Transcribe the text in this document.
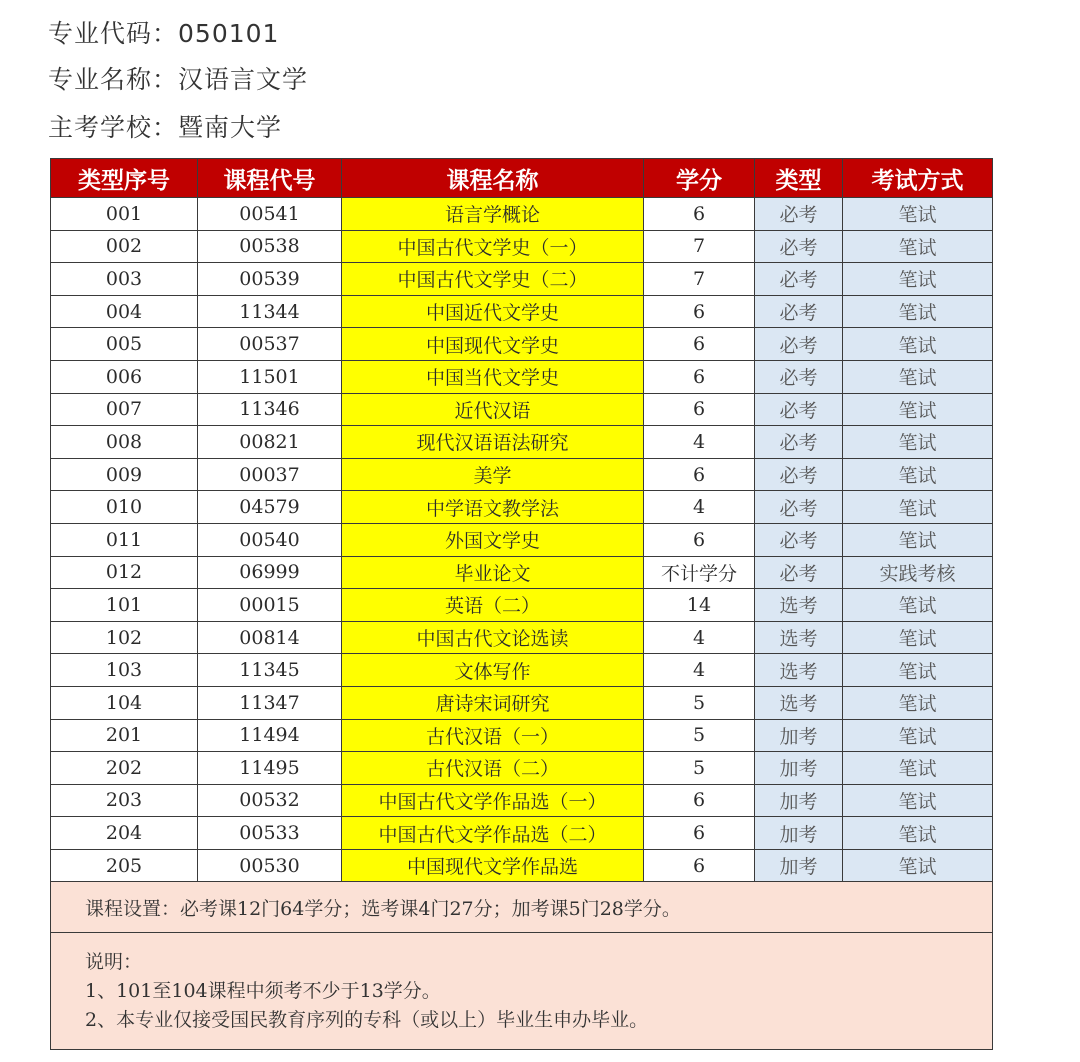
专业代码：050101
专业名称：汉语言文学
主考学校：暨南大学
类型序号	课程代号	课程名称	学分	类型	考试方式
001	00541	语言学概论	6	必考	笔试
002	00538	中国古代文学史（一）	7	必考	笔试
003	00539	中国古代文学史（二）	7	必考	笔试
004	11344	中国近代文学史	6	必考	笔试
005	00537	中国现代文学史	6	必考	笔试
006	11501	中国当代文学史	6	必考	笔试
007	11346	近代汉语	6	必考	笔试
008	00821	现代汉语语法研究	4	必考	笔试
009	00037	美学	6	必考	笔试
010	04579	中学语文教学法	4	必考	笔试
011	00540	外国文学史	6	必考	笔试
012	06999	毕业论文	不计学分	必考	实践考核
101	00015	英语（二）	14	选考	笔试
102	00814	中国古代文论选读	4	选考	笔试
103	11345	文体写作	4	选考	笔试
104	11347	唐诗宋词研究	5	选考	笔试
201	11494	古代汉语（一）	5	加考	笔试
202	11495	古代汉语（二）	5	加考	笔试
203	00532	中国古代文学作品选（一）	6	加考	笔试
204	00533	中国古代文学作品选（二）	6	加考	笔试
205	00530	中国现代文学作品选	6	加考	笔试
课程设置：必考课12门64学分；选考课4门27分；加考课5门28学分。					

说明：
1、101至104课程中须考不少于13学分。
2、本专业仅接受国民教育序列的专科（或以上）毕业生申办毕业。					
